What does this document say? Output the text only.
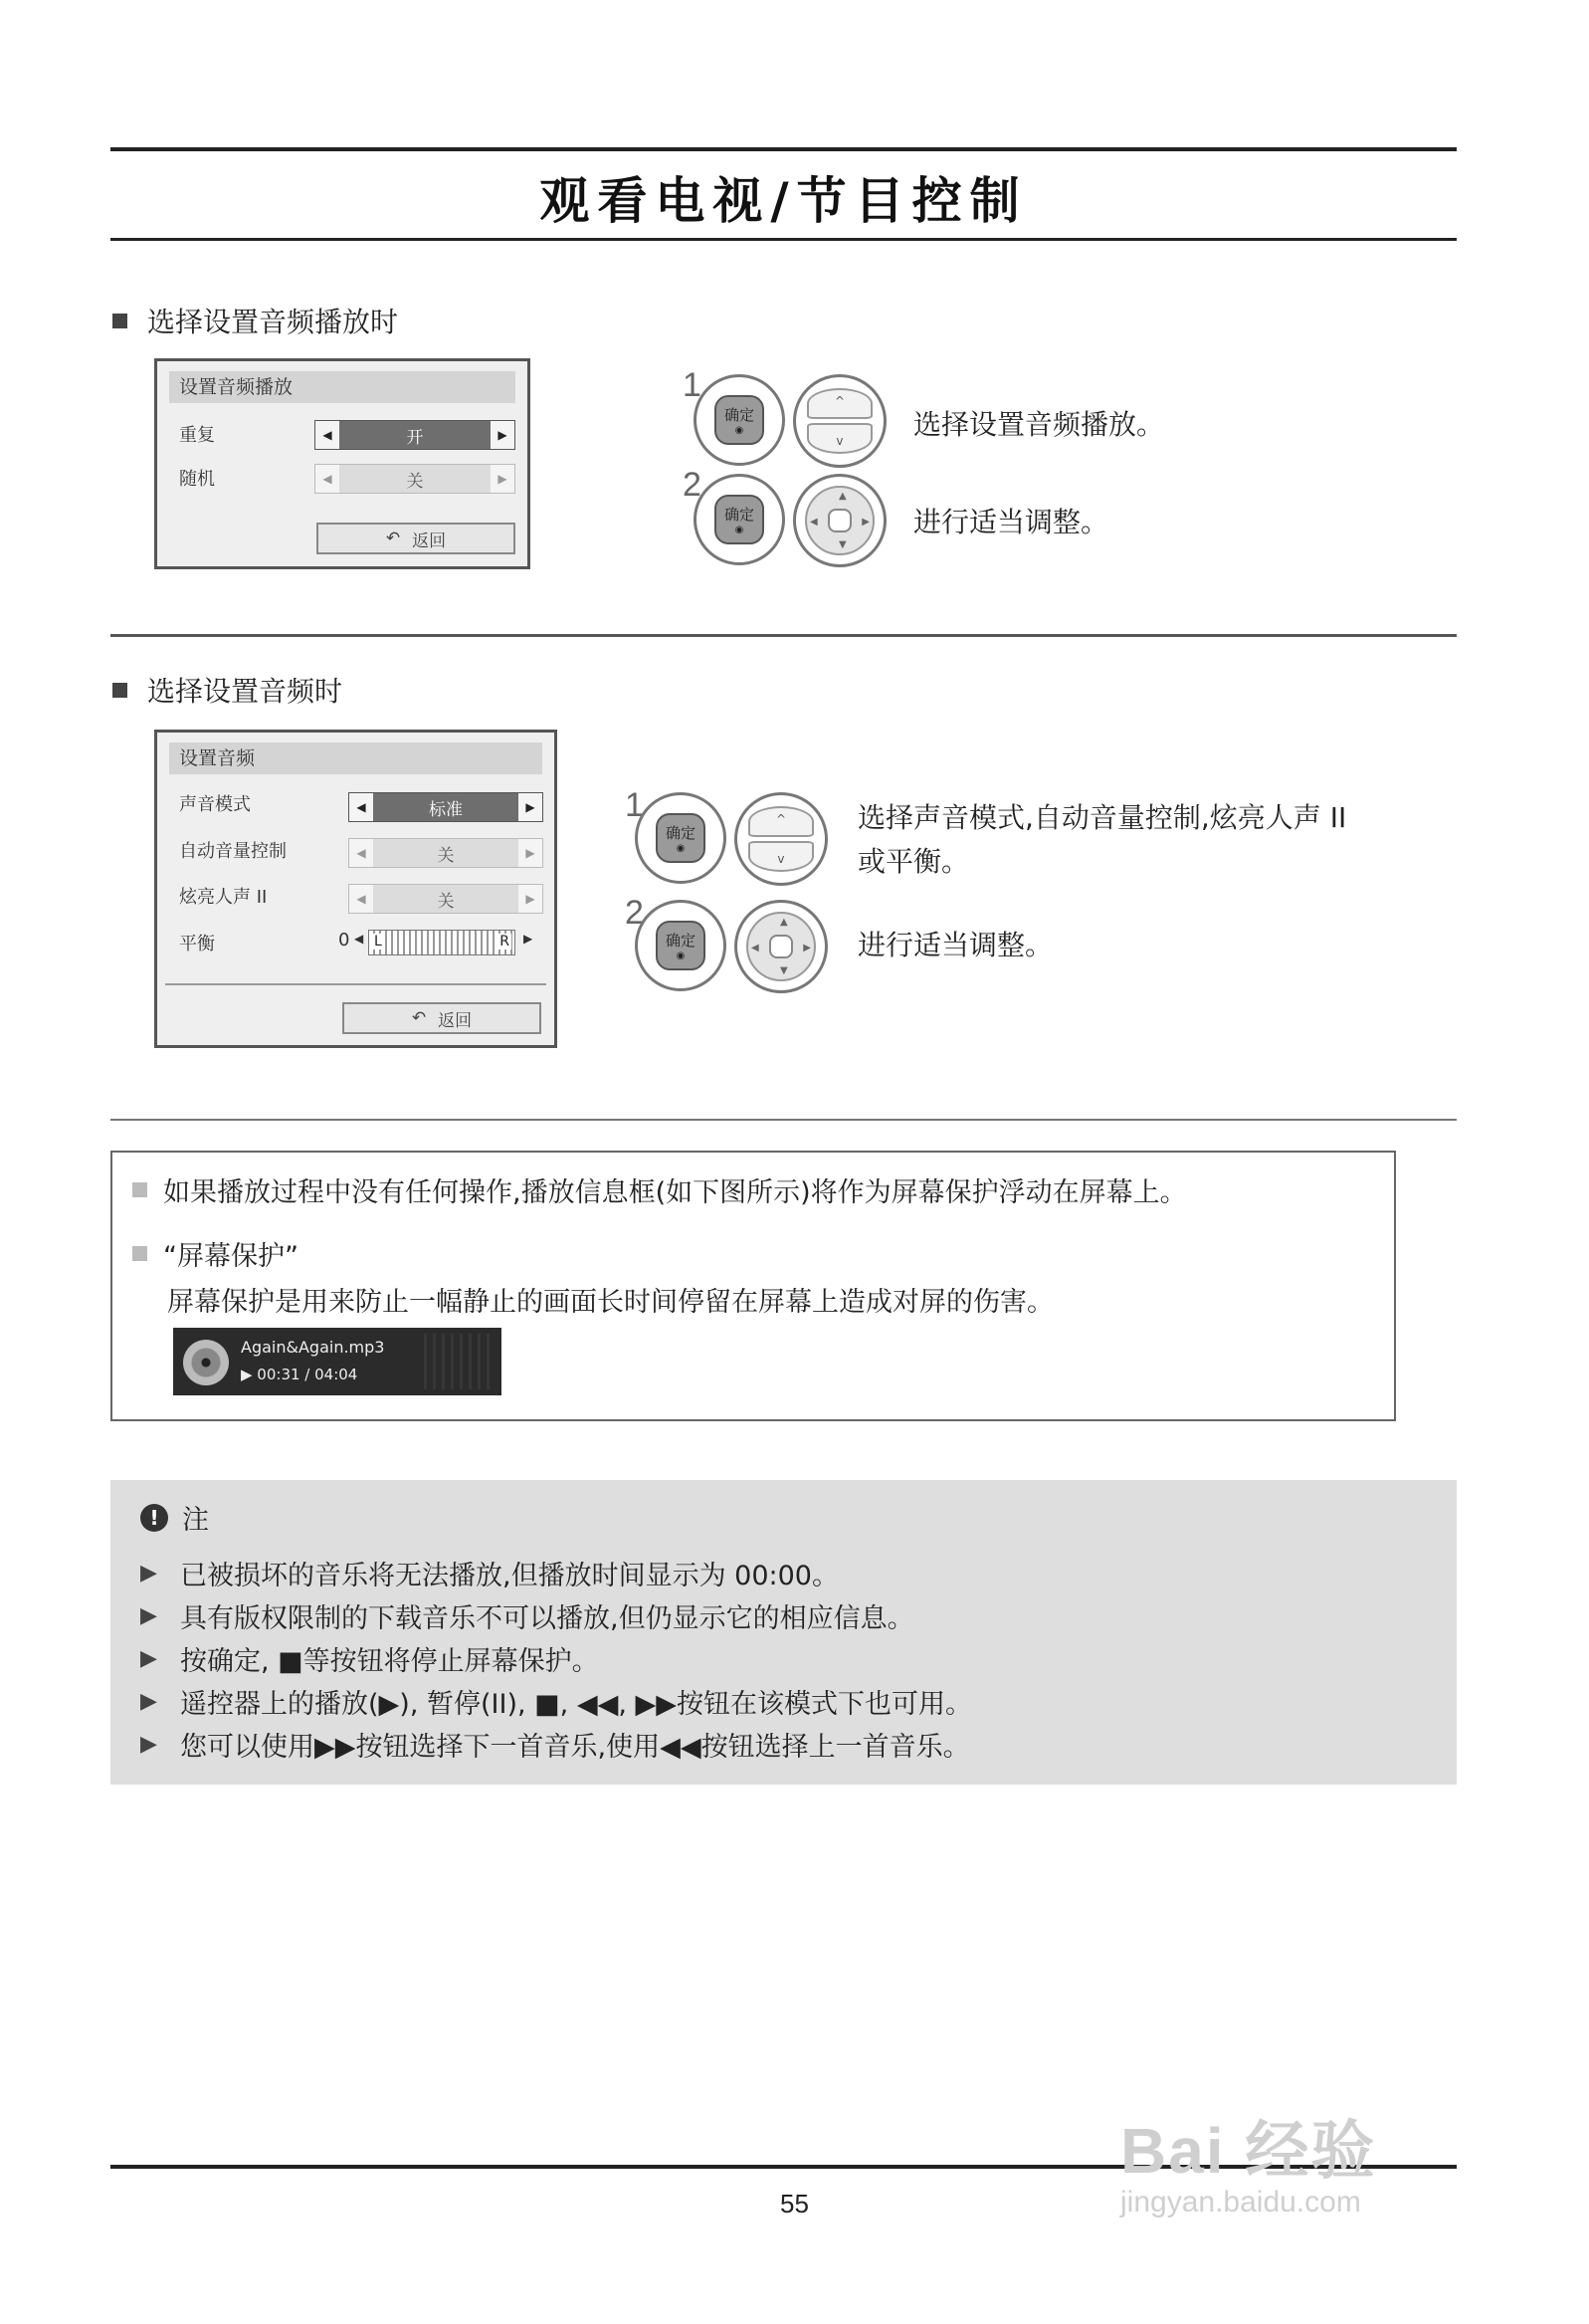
观看电视/节目控制
选择设置音频播放时
设置音频播放
重复	◀	开	▶
随机	◀	关	▶
↶ 返回
1
确定
◉
^
v
选择设置音频播放。
2
确定
◉
▲
▼
◀	▶ 进行适当调整。
选择设置音频时
设置音频
声音模式	◀	标准	▶
自动音量控制	◀	关	▶
炫亮人声 II	◀	关	▶
平衡	0 ◀ L	R ▶
↶ 返回
1
确定
◉
^
v
选择声音模式,自动音量控制,炫亮人声 II
或平衡。
2
确定
◉
▲
▼
◀	▶ 进行适当调整。
如果播放过程中没有任何操作,播放信息框(如下图所示)将作为屏幕保护浮动在屏幕上。
“屏幕保护”
屏幕保护是用来防止一幅静止的画面长时间停留在屏幕上造成对屏的伤害。
Again&Again.mp3
▶ 00:31 / 04:04
! 注
▶ 已被损坏的音乐将无法播放,但播放时间显示为 00:00。
▶ 具有版权限制的下载音乐不可以播放,但仍显示它的相应信息。
▶ 按确定, ■等按钮将停止屏幕保护。
▶ 遥控器上的播放(▶), 暂停(II), ■, ◀◀, ▶▶按钮在该模式下也可用。
▶ 您可以使用▶▶按钮选择下一首音乐,使用◀◀按钮选择上一首音乐。
55
Bai 经验
jingyan.baidu.com
